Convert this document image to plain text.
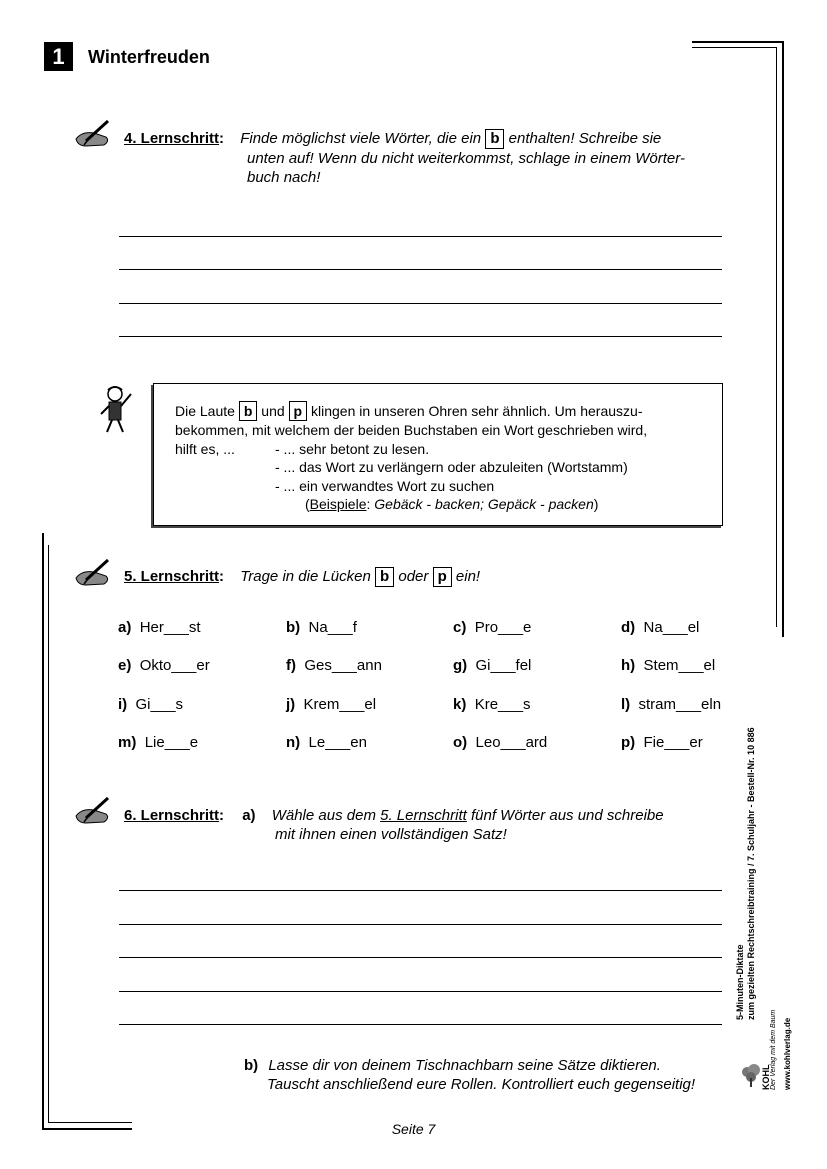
1	Winterfreuden
4. Lernschritt: Finde möglichst viele Wörter, die ein b enthalten! Schreibe sie
unten auf! Wenn du nicht weiterkommst, schlage in einem Wörter-
buch nach!
Die Laute b und p klingen in unseren Ohren sehr ähnlich. Um herauszu-
bekommen, mit welchem der beiden Buchstaben ein Wort geschrieben wird,
hilft es, ...	- ... sehr betont zu lesen.
- ... das Wort zu verlängern oder abzuleiten (Wortstamm)
- ... ein verwandtes Wort zu suchen
(Beispiele: Gebäck - backen; Gepäck - packen)
5. Lernschritt: Trage in die Lücken b oder p ein!
a) Her___st	b) Na___f	c) Pro___e	d) Na___el
e) Okto___er	f) Ges___ann	g) Gi___fel	h) Stem___el
i) Gi___s	j) Krem___el	k) Kre___s	l) stram___eln
m) Lie___e	n) Le___en	o) Leo___ard	p) Fie___er
6. Lernschritt: a) Wähle aus dem 5. Lernschritt fünf Wörter aus und schreibe
mit ihnen einen vollständigen Satz!
b) Lasse dir von deinem Tischnachbarn seine Sätze diktieren.
Tauscht anschließend eure Rollen. Kontrolliert euch gegenseitig!
Seite 7
5-Minuten-Diktate zum gezielten Rechtschreibtraining / 7. Schuljahr - Bestell-Nr. 10 886
KOHL Der Verlag mit dem Baum www.kohlverlag.de
